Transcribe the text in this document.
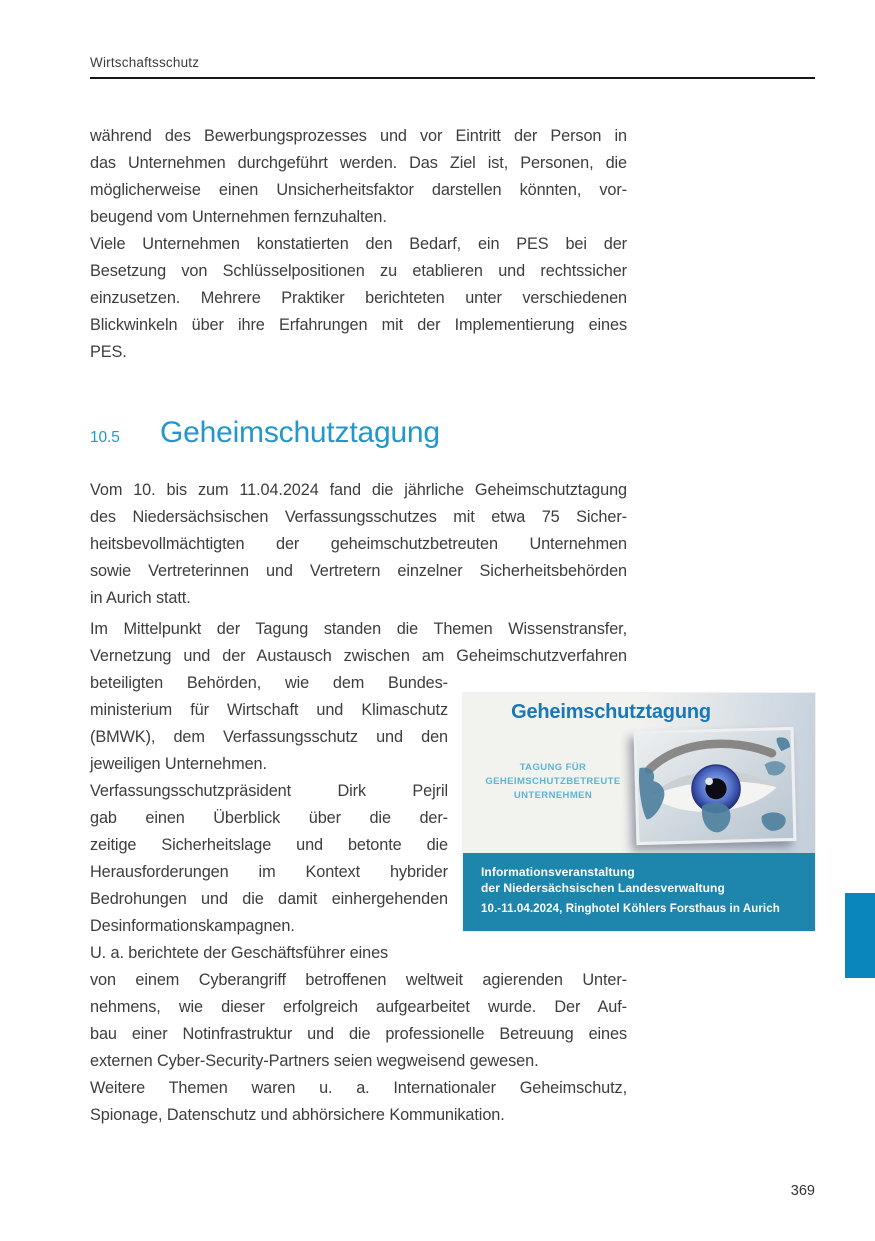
Wirtschaftsschutz
während des Bewerbungsprozesses und vor Eintritt der Person in
das Unternehmen durchgeführt werden. Das Ziel ist, Personen, die
möglicherweise einen Unsicherheitsfaktor darstellen könnten, vor-
beugend vom Unternehmen fernzuhalten.
Viele Unternehmen konstatierten den Bedarf, ein PES bei der
Besetzung von Schlüsselpositionen zu etablieren und rechtssicher
einzusetzen. Mehrere Praktiker berichteten unter verschiedenen
Blickwinkeln über ihre Erfahrungen mit der Implementierung eines
PES.
10.5	Geheimschutztagung
Vom 10. bis zum 11.04.2024 fand die jährliche Geheimschutztagung
des Niedersächsischen Verfassungsschutzes mit etwa 75 Sicher-
heitsbevollmächtigten der geheimschutzbetreuten Unternehmen
sowie Vertreterinnen und Vertretern einzelner Sicherheitsbehörden
in Aurich statt.
Im Mittelpunkt der Tagung standen die Themen Wissenstransfer,
Vernetzung und der Austausch zwischen am Geheimschutzverfahren
beteiligten Behörden, wie dem Bundes-
ministerium für Wirtschaft und Klimaschutz
(BMWK), dem Verfassungsschutz und den
jeweiligen Unternehmen.
Verfassungsschutzpräsident Dirk Pejril
gab einen Überblick über die der-
zeitige Sicherheitslage und betonte die
Herausforderungen im Kontext hybrider
Bedrohungen und die damit einhergehenden
Desinformationskampagnen.
U. a. berichtete der Geschäftsführer eines
von einem Cyberangriff betroffenen weltweit agierenden Unter-
nehmens, wie dieser erfolgreich aufgearbeitet wurde. Der Auf-
bau einer Notinfrastruktur und die professionelle Betreuung eines
externen Cyber-Security-Partners seien wegweisend gewesen.
Weitere Themen waren u. a. Internationaler Geheimschutz,
Spionage, Datenschutz und abhörsichere Kommunikation.
Geheimschutztagung
TAGUNG FÜR
GEHEIMSCHUTZBETREUTE
UNTERNEHMEN
Informationsveranstaltung
der Niedersächsischen Landesverwaltung
10.-11.04.2024, Ringhotel Köhlers Forsthaus in Aurich
369
